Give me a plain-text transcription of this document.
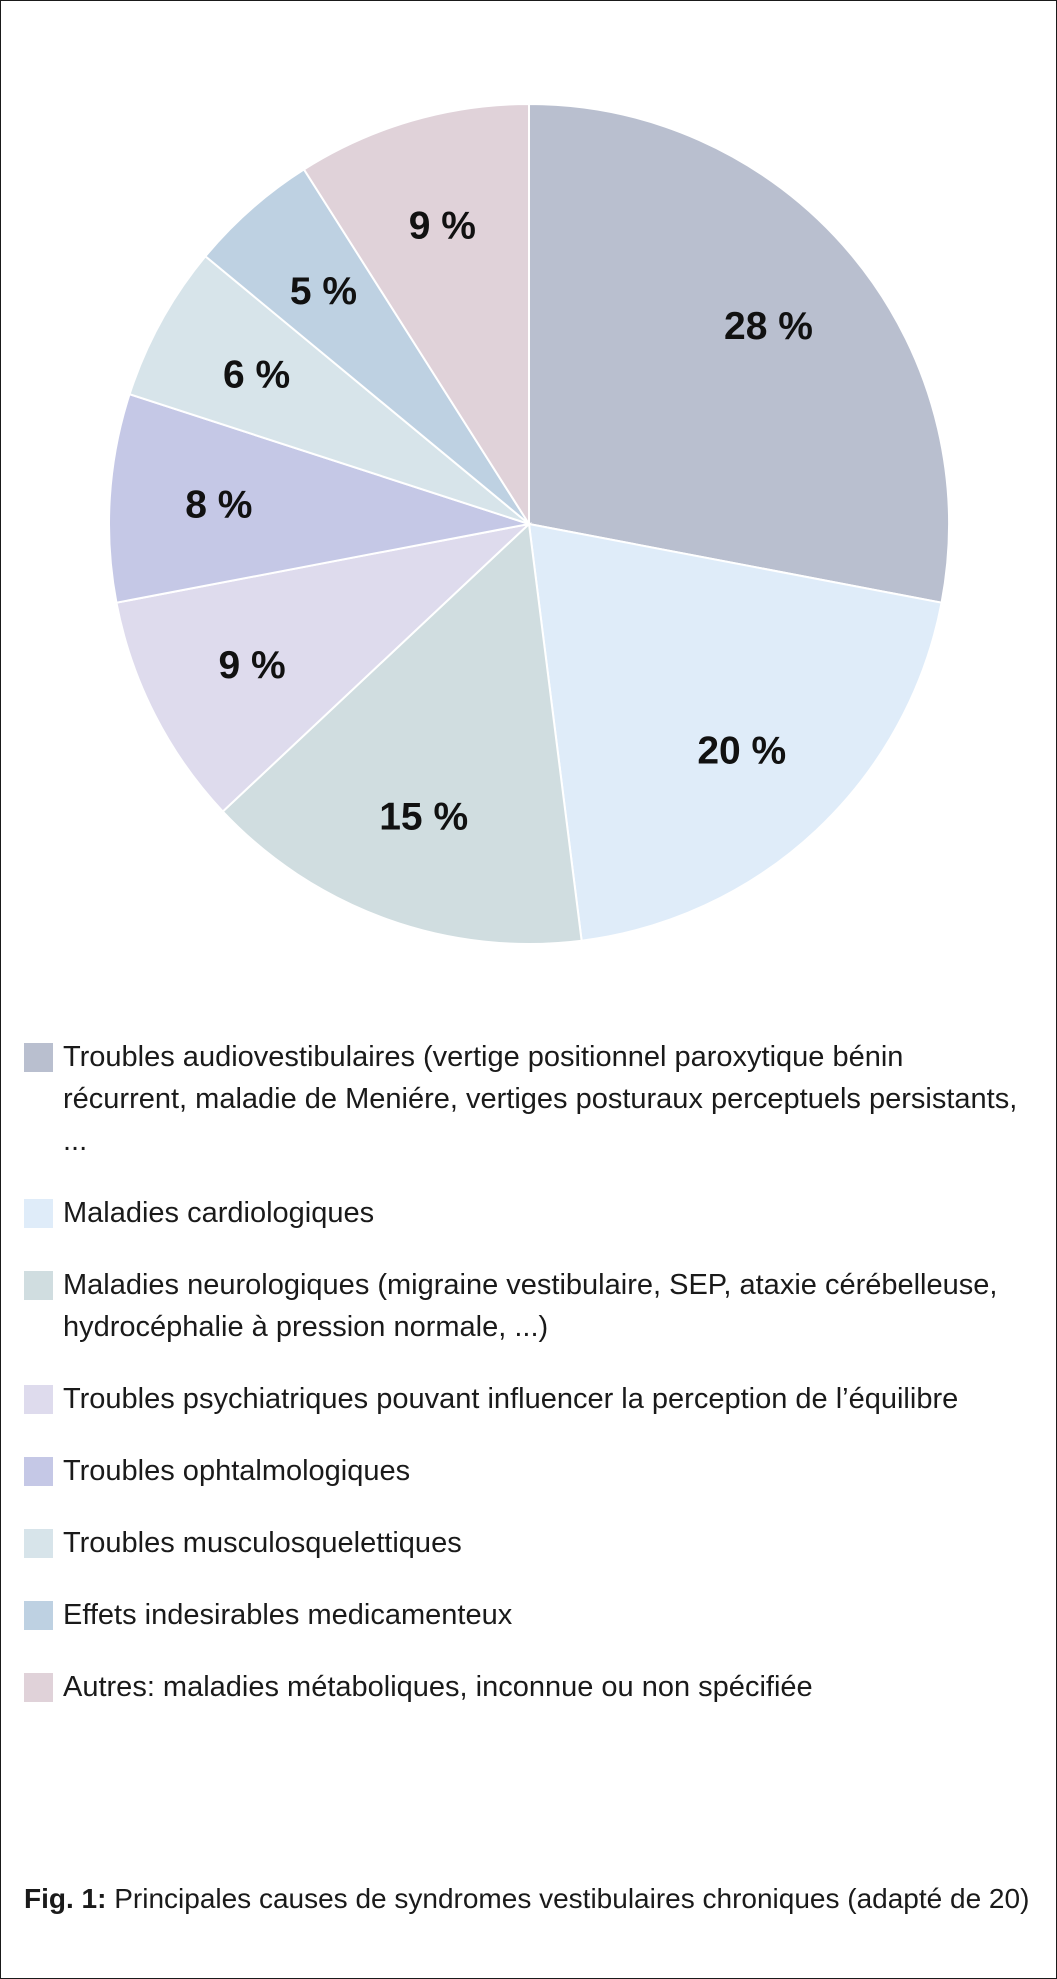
28 %
20 %
15 %
9 %
8 %
6 %
5 %
9 %
Troubles audiovestibulaires (vertige positionnel paroxytique bénin récurrent, maladie de Meniére, vertiges posturaux perceptuels persistants, ...
Maladies cardiologiques
Maladies neurologiques (migraine vestibulaire, SEP, ataxie cérébelleuse, hydrocéphalie à pression normale, ...)
Troubles psychiatriques pouvant influencer la perception de l’équilibre
Troubles ophtalmologiques
Troubles musculosquelettiques
Effets indesirables medicamenteux
Autres: maladies métaboliques, inconnue ou non spécifiée
Fig. 1: Principales causes de syndromes vestibulaires chroniques (adapté de 20)
